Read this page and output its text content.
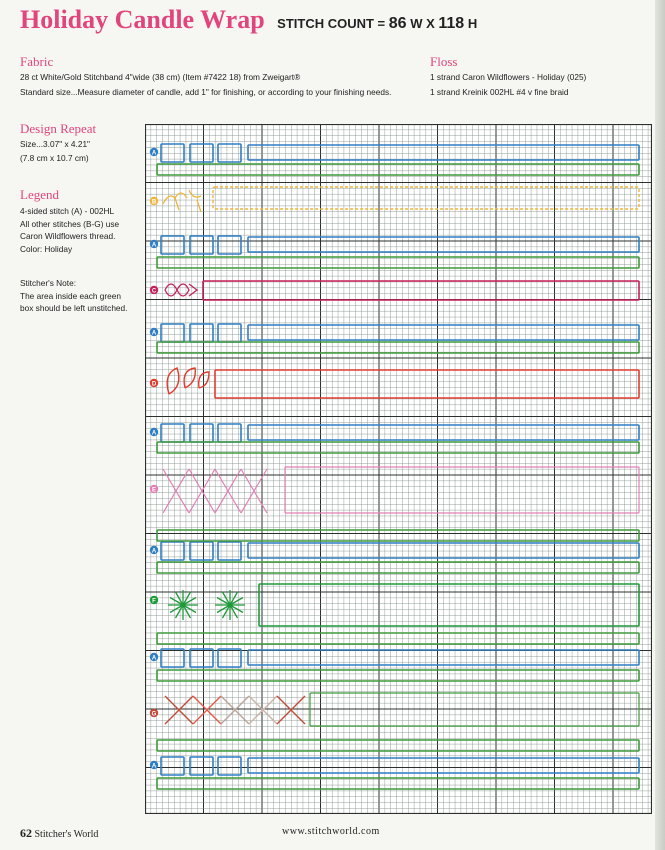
Holiday Candle Wrap STITCH COUNT = 86 W X 118 H
Fabric
28 ct White/Gold Stitchband 4"wide (38 cm) (Item #7422 18) from Zweigart®
Standard size...Measure diameter of candle, add 1" for finishing, or according to your finishing needs.
Floss
1 strand Caron Wildflowers - Holiday (025)
1 strand Kreinik 002HL #4 v fine braid
Design Repeat
Size...3.07" x 4.21"
(7.8 cm x 10.7 cm)
Legend
4-sided stitch (A) - 002HL
All other stitches (B-G) use
Caron Wildflowers thread.
Color: Holiday
Stitcher's Note:
The area inside each green
box should be left unstitched.
A
A
A
A
A
A
A
B
C
D
E
F
G
62 Stitcher's World	www.stitchworld.com
